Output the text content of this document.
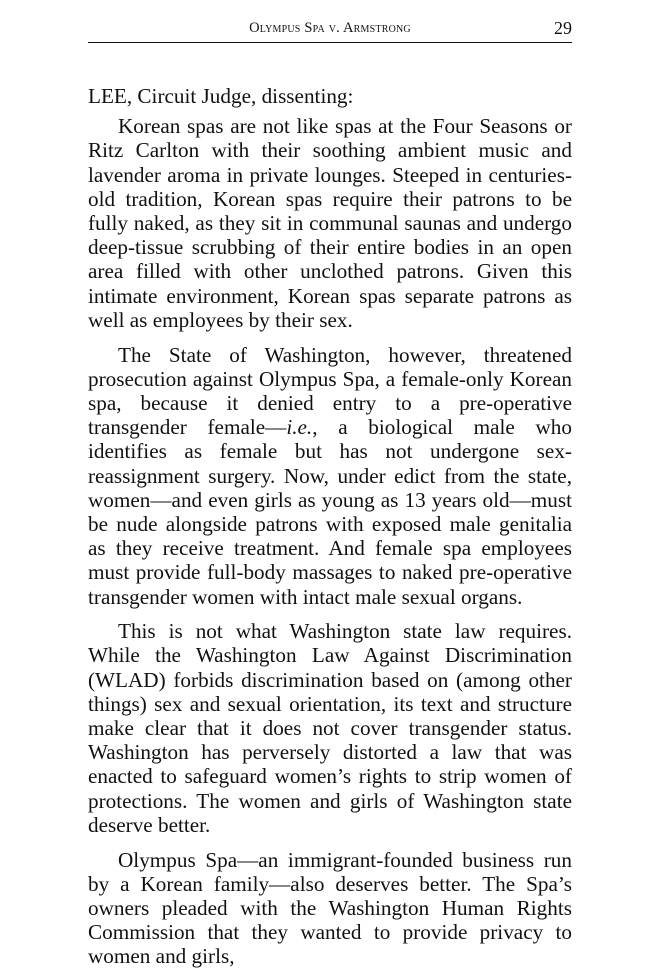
Olympus Spa v. Armstrong	29

LEE, Circuit Judge, dissenting:

Korean spas are not like spas at the Four Seasons or Ritz Carlton with their soothing ambient music and lavender aroma in private lounges. Steeped in centuries-old tradition, Korean spas require their patrons to be fully naked, as they sit in communal saunas and undergo deep-tissue scrubbing of their entire bodies in an open area filled with other unclothed patrons. Given this intimate environment, Korean spas separate patrons as well as employees by their sex.

The State of Washington, however, threatened prosecution against Olympus Spa, a female-only Korean spa, because it denied entry to a pre-operative transgender female—i.e., a biological male who identifies as female but has not undergone sex-reassignment surgery. Now, under edict from the state, women—and even girls as young as 13 years old—must be nude alongside patrons with exposed male genitalia as they receive treatment. And female spa employees must provide full-body massages to naked pre-operative transgender women with intact male sexual organs.

This is not what Washington state law requires. While the Washington Law Against Discrimination (WLAD) forbids discrimination based on (among other things) sex and sexual orientation, its text and structure make clear that it does not cover transgender status. Washington has perversely distorted a law that was enacted to safeguard women’s rights to strip women of protections. The women and girls of Washington state deserve better.

Olympus Spa—an immigrant-founded business run by a Korean family—also deserves better. The Spa’s owners pleaded with the Washington Human Rights Commission that they wanted to provide privacy to women and girls,
